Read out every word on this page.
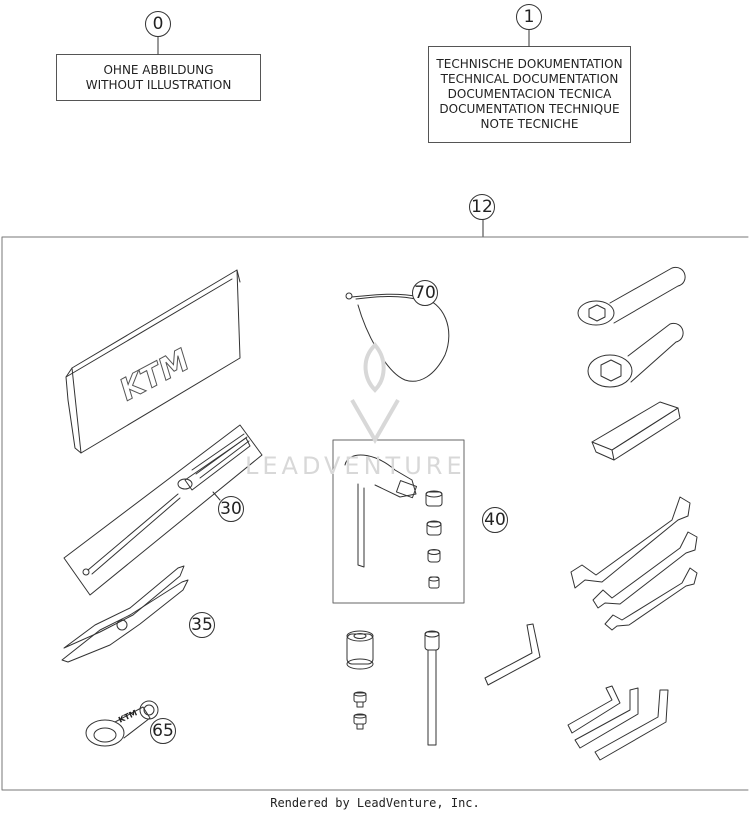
0
OHNE ABBILDUNG
WITHOUT ILLUSTRATION
1
TECHNISCHE DOKUMENTATION
TECHNICAL DOCUMENTATION
DOCUMENTACION TECNICA
DOCUMENTATION TECHNIQUE
NOTE TECNICHE
KTM
KTM
LEADVENTURE
12
70
30
40
35
65
Rendered by LeadVenture, Inc.
